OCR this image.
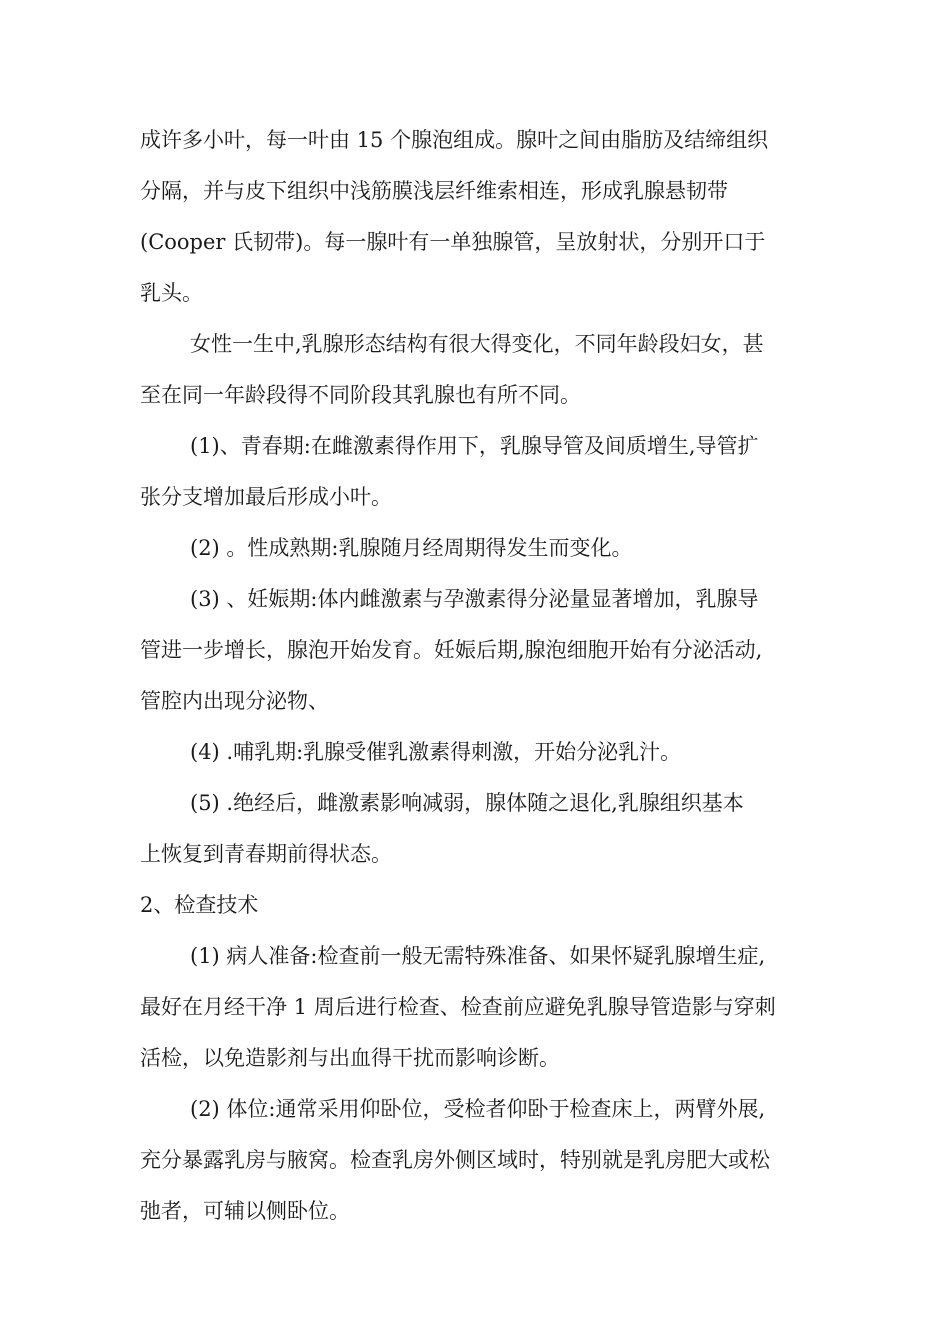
成许多小叶，每一叶由 15 个腺泡组成。腺叶之间由脂肪及结缔组织
分隔，并与皮下组织中浅筋膜浅层纤维索相连，形成乳腺悬韧带
(Cooper 氏韧带)。每一腺叶有一单独腺管，呈放射状，分别开口于
乳头。
女性一生中,乳腺形态结构有很大得变化，不同年龄段妇女，甚
至在同一年龄段得不同阶段其乳腺也有所不同。
(1)、青春期:在雌激素得作用下，乳腺导管及间质增生,导管扩
张分支增加最后形成小叶。
(2) 。性成熟期:乳腺随月经周期得发生而变化。
(3) 、妊娠期:体内雌激素与孕激素得分泌量显著增加，乳腺导
管进一步增长，腺泡开始发育。妊娠后期,腺泡细胞开始有分泌活动,
管腔内出现分泌物、
(4) .哺乳期:乳腺受催乳激素得刺激，开始分泌乳汁。
(5) .绝经后，雌激素影响减弱，腺体随之退化,乳腺组织基本
上恢复到青春期前得状态。
2、检查技术
(1) 病人准备:检查前一般无需特殊准备、如果怀疑乳腺增生症,
最好在月经干净 1 周后进行检查、检查前应避免乳腺导管造影与穿刺
活检，以免造影剂与出血得干扰而影响诊断。
(2) 体位:通常采用仰卧位，受检者仰卧于检查床上，两臂外展,
充分暴露乳房与腋窝。检查乳房外侧区域时，特别就是乳房肥大或松
弛者，可辅以侧卧位。
